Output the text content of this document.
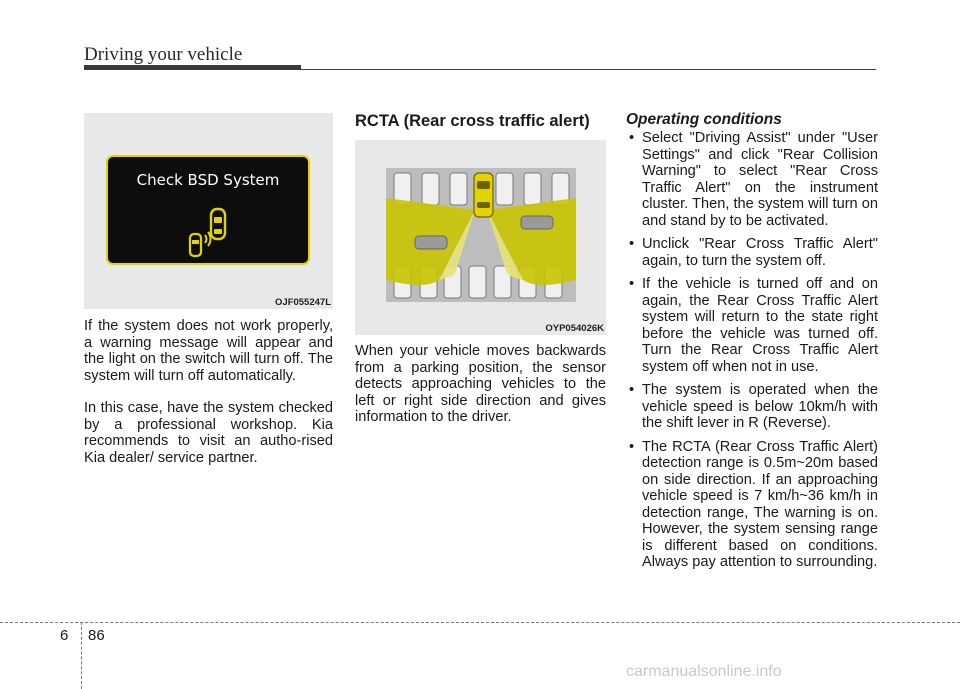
Driving your vehicle
Check BSD System
OJF055247L

If the system does not work properly, a warning message will appear and the light on the switch will turn off. The system will turn off automatically.

In this case, have the system checked by a professional workshop. Kia recommends to visit an autho-rised Kia dealer/ service partner.

RCTA (Rear cross traffic alert)
OYP054026K

When your vehicle moves backwards from a parking position, the sensor detects approaching vehicles to the left or right side direction and gives information to the driver.

Operating conditions
• Select "Driving Assist" under "User Settings" and click "Rear Collision Warning" to select "Rear Cross Traffic Alert" on the instrument cluster. Then, the system will turn on and stand by to be activated.
• Unclick "Rear Cross Traffic Alert" again, to turn the system off.
• If the vehicle is turned off and on again, the Rear Cross Traffic Alert system will return to the state right before the vehicle was turned off. Turn the Rear Cross Traffic Alert system off when not in use.
• The system is operated when the vehicle speed is below 10km/h with the shift lever in R (Reverse).
• The RCTA (Rear Cross Traffic Alert) detection range is 0.5m~20m based on side direction. If an approaching vehicle speed is 7 km/h~36 km/h in detection range, The warning is on. However, the system sensing range is different based on conditions. Always pay attention to surrounding.
6 86
carmanualsonline.info
